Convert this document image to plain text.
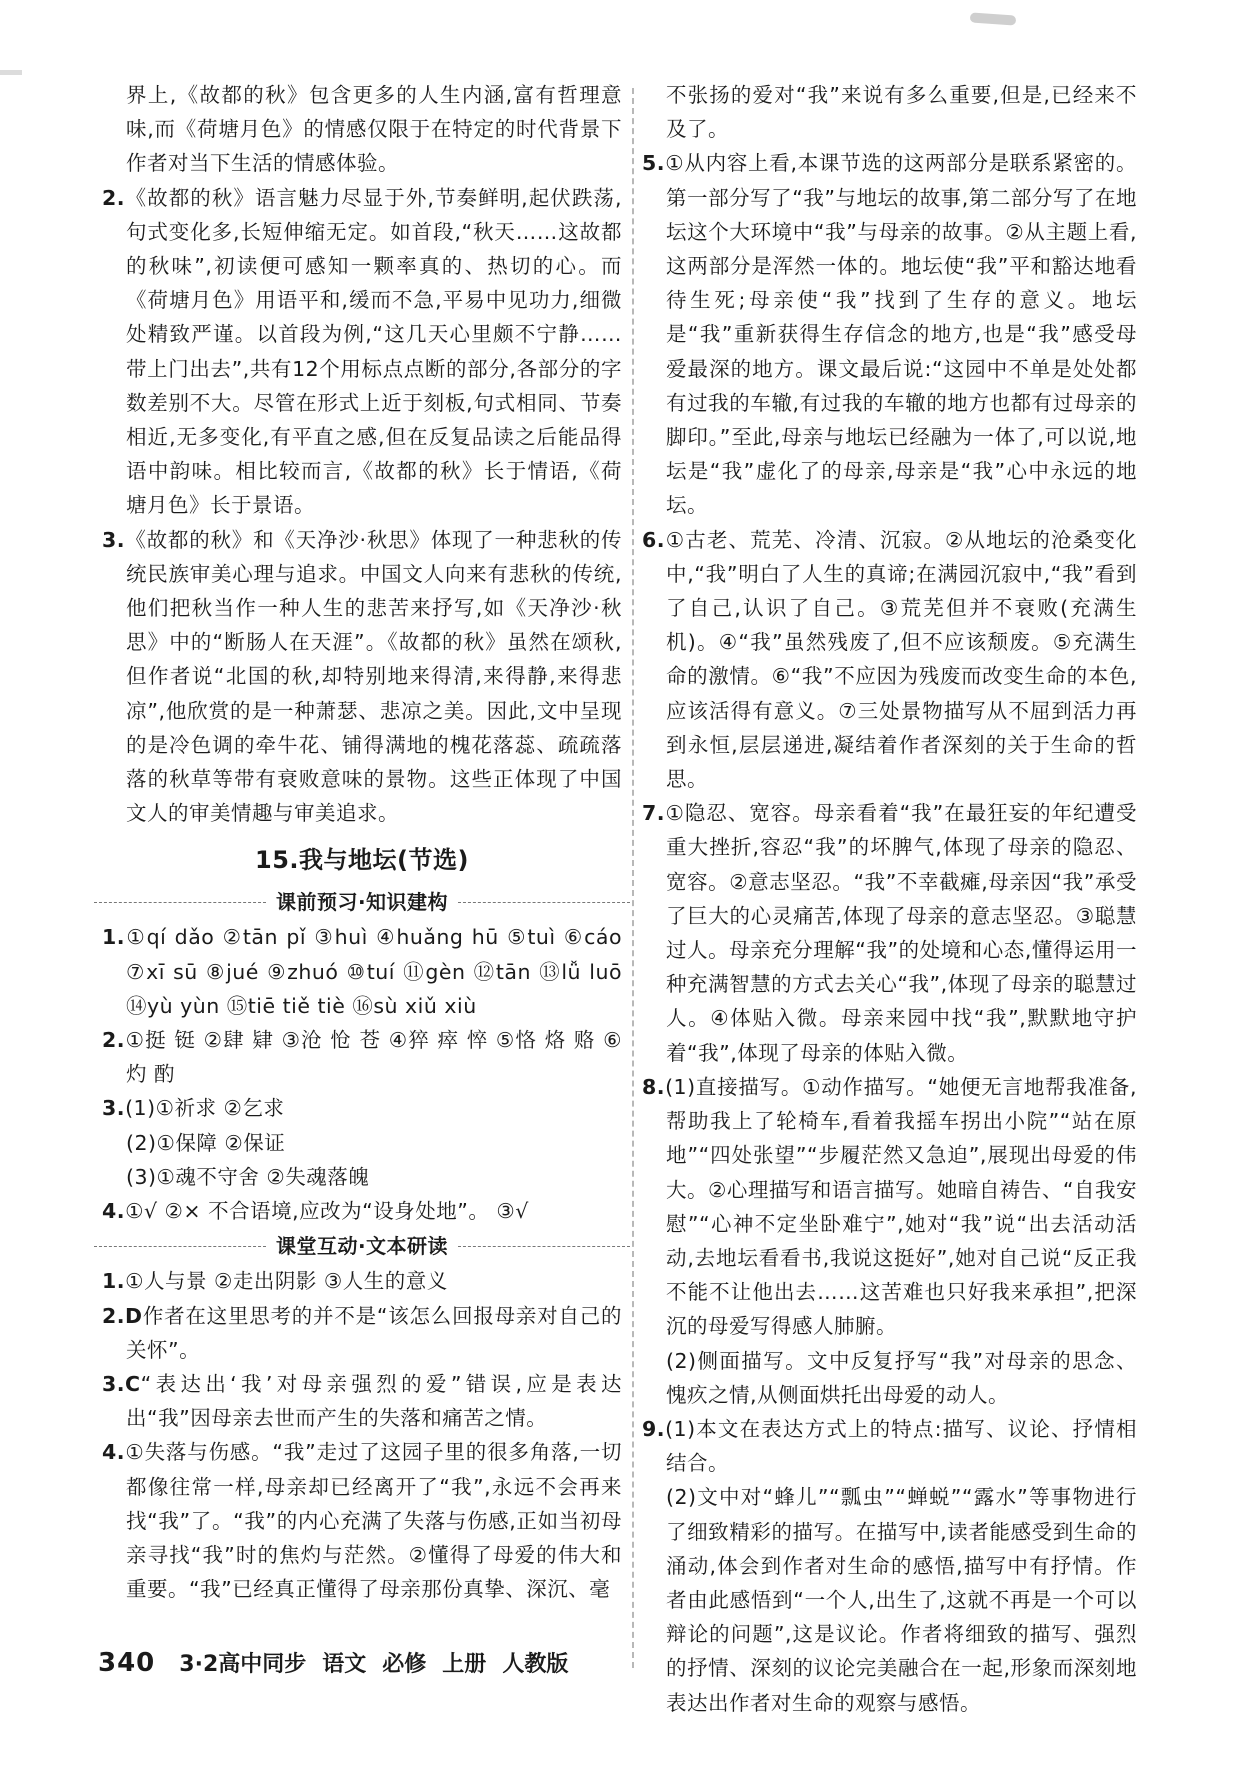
界上,《故都的秋》包含更多的人生内涵,富有哲理意味,而《荷塘月色》的情感仅限于在特定的时代背景下作者对当下生活的情感体验。

2.《故都的秋》语言魅力尽显于外,节奏鲜明,起伏跌荡,句式变化多,长短伸缩无定。如首段,“秋天……这故都的秋味”,初读便可感知一颗率真的、热切的心。而《荷塘月色》用语平和,缓而不急,平易中见功力,细微处精致严谨。以首段为例,“这几天心里颇不宁静……带上门出去”,共有12个用标点点断的部分,各部分的字数差别不大。尽管在形式上近于刻板,句式相同、节奏相近,无多变化,有平直之感,但在反复品读之后能品得语中韵味。相比较而言,《故都的秋》长于情语,《荷塘月色》长于景语。

3.《故都的秋》和《天净沙·秋思》体现了一种悲秋的传统民族审美心理与追求。中国文人向来有悲秋的传统,他们把秋当作一种人生的悲苦来抒写,如《天净沙·秋思》中的“断肠人在天涯”。《故都的秋》虽然在颂秋,但作者说“北国的秋,却特别地来得清,来得静,来得悲凉”,他欣赏的是一种萧瑟、悲凉之美。因此,文中呈现的是冷色调的牵牛花、铺得满地的槐花落蕊、疏疏落落的秋草等带有衰败意味的景物。这些正体现了中国文人的审美情趣与审美追求。

15.我与地坛(节选)
课前预习·知识建构

1.①qí dǎo ②tān pǐ ③huì ④huǎng hū ⑤tuì ⑥cáo ⑦xī sū ⑧jué ⑨zhuó ⑩tuí ⑪gèn ⑫tān ⑬lǚ luō ⑭yù yùn ⑮tiē tiě tiè ⑯sù xiǔ xiù

2.①挺 铤 ②肆 肄 ③沧 怆 苍 ④猝 瘁 悴 ⑤恪 烙 赂 ⑥灼 酌

3.(1)①祈求 ②乞求

(2)①保障 ②保证

(3)①魂不守舍 ②失魂落魄

4.①√ ②× 不合语境,应改为“设身处地”。 ③√

课堂互动·文本研读

1.①人与景 ②走出阴影 ③人生的意义

2.D作者在这里思考的并不是“该怎么回报母亲对自己的关怀”。

3.C“表达出‘我’对母亲强烈的爱”错误,应是表达出“我”因母亲去世而产生的失落和痛苦之情。

4.①失落与伤感。“我”走过了这园子里的很多角落,一切都像往常一样,母亲却已经离开了“我”,永远不会再来找“我”了。“我”的内心充满了失落与伤感,正如当初母亲寻找“我”时的焦灼与茫然。②懂得了母爱的伟大和重要。“我”已经真正懂得了母亲那份真挚、深沉、毫

不张扬的爱对“我”来说有多么重要,但是,已经来不及了。

5.①从内容上看,本课节选的这两部分是联系紧密的。第一部分写了“我”与地坛的故事,第二部分写了在地坛这个大环境中“我”与母亲的故事。②从主题上看,这两部分是浑然一体的。地坛使“我”平和豁达地看待生死;母亲使“我”找到了生存的意义。地坛是“我”重新获得生存信念的地方,也是“我”感受母爱最深的地方。课文最后说:“这园中不单是处处都有过我的车辙,有过我的车辙的地方也都有过母亲的脚印。”至此,母亲与地坛已经融为一体了,可以说,地坛是“我”虚化了的母亲,母亲是“我”心中永远的地坛。

6.①古老、荒芜、冷清、沉寂。②从地坛的沧桑变化中,“我”明白了人生的真谛;在满园沉寂中,“我”看到了自己,认识了自己。③荒芜但并不衰败(充满生机)。④“我”虽然残废了,但不应该颓废。⑤充满生命的激情。⑥“我”不应因为残废而改变生命的本色,应该活得有意义。⑦三处景物描写从不屈到活力再到永恒,层层递进,凝结着作者深刻的关于生命的哲思。

7.①隐忍、宽容。母亲看着“我”在最狂妄的年纪遭受重大挫折,容忍“我”的坏脾气,体现了母亲的隐忍、宽容。②意志坚忍。“我”不幸截瘫,母亲因“我”承受了巨大的心灵痛苦,体现了母亲的意志坚忍。③聪慧过人。母亲充分理解“我”的处境和心态,懂得运用一种充满智慧的方式去关心“我”,体现了母亲的聪慧过人。④体贴入微。母亲来园中找“我”,默默地守护着“我”,体现了母亲的体贴入微。

8.(1)直接描写。①动作描写。“她便无言地帮我准备,帮助我上了轮椅车,看着我摇车拐出小院”“站在原地”“四处张望”“步履茫然又急迫”,展现出母爱的伟大。②心理描写和语言描写。她暗自祷告、“自我安慰”“心神不定坐卧难宁”,她对“我”说“出去活动活动,去地坛看看书,我说这挺好”,她对自己说“反正我不能不让他出去……这苦难也只好我来承担”,把深沉的母爱写得感人肺腑。

(2)侧面描写。文中反复抒写“我”对母亲的思念、愧疚之情,从侧面烘托出母爱的动人。

9.(1)本文在表达方式上的特点:描写、议论、抒情相结合。

(2)文中对“蜂儿”“瓢虫”“蝉蜕”“露水”等事物进行了细致精彩的描写。在描写中,读者能感受到生命的涌动,体会到作者对生命的感悟,描写中有抒情。作者由此感悟到“一个人,出生了,这就不再是一个可以辩论的问题”,这是议论。作者将细致的描写、强烈的抒情、深刻的议论完美融合在一起,形象而深刻地表达出作者对生命的观察与感悟。

340 3·2高中同步 语文 必修 上册 人教版
